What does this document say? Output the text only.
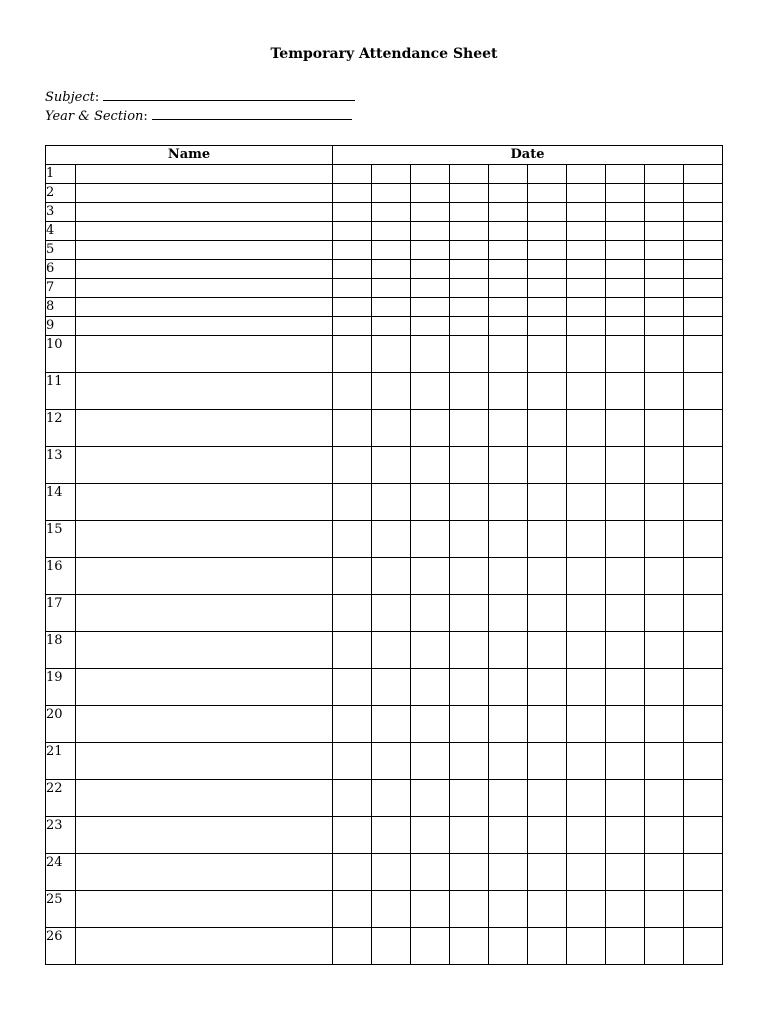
Temporary Attendance Sheet
Subject:
Year & Section:
Name		Date									
1											
2											
3											
4											
5											
6											
7											
8											
9											
10											
11											
12											
13											
14											
15											
16											
17											
18											
19											
20											
21											
22											
23											
24											
25											
26											
